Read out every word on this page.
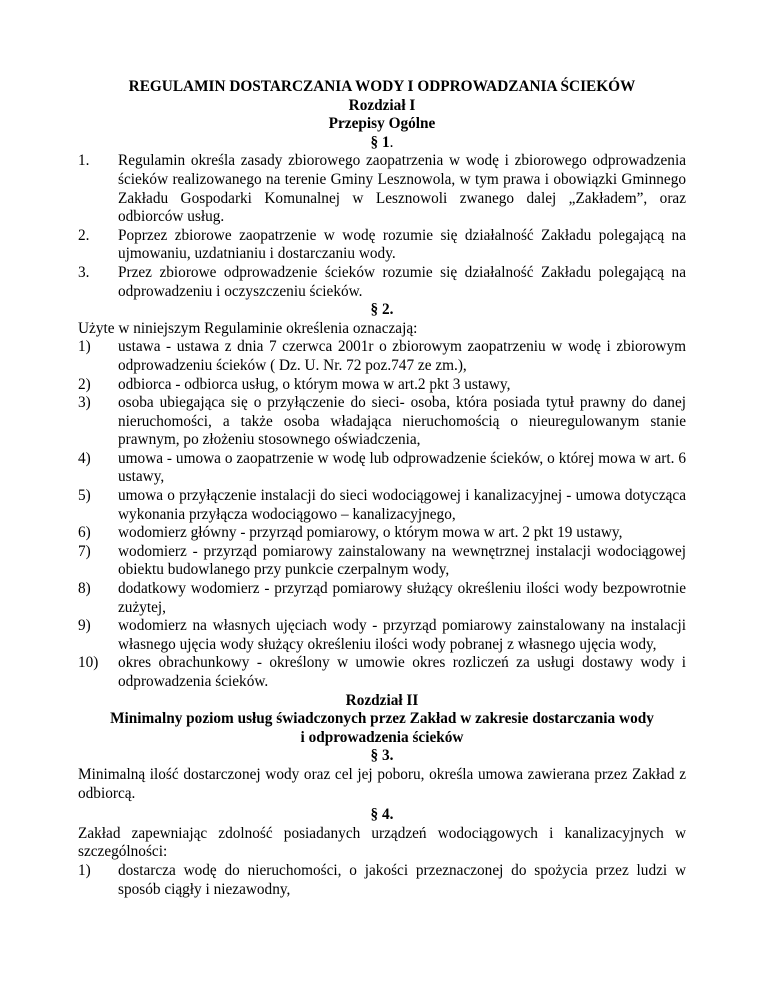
REGULAMIN DOSTARCZANIA WODY I ODPROWADZANIA ŚCIEKÓW

Rozdział I

Przepisy Ogólne

§ 1.

1.	Regulamin określa zasady zbiorowego zaopatrzenia w wodę i zbiorowego odprowadzenia ścieków realizowanego na terenie Gminy Lesznowola, w tym prawa i obowiązki Gminnego Zakładu Gospodarki Komunalnej w Lesznowoli zwanego dalej „Zakładem”, oraz odbiorców usług.
2.	Poprzez zbiorowe zaopatrzenie w wodę rozumie się działalność Zakładu polegającą na ujmowaniu, uzdatnianiu i dostarczaniu wody.
3.	Przez zbiorowe odprowadzenie ścieków rozumie się działalność Zakładu polegającą na odprowadzeniu i oczyszczeniu ścieków.

§ 2.

Użyte w niniejszym Regulaminie określenia oznaczają:

1)	ustawa - ustawa z dnia 7 czerwca 2001r o zbiorowym zaopatrzeniu w wodę i zbiorowym odprowadzeniu ścieków ( Dz. U. Nr. 72 poz.747 ze zm.),
2)	odbiorca - odbiorca usług, o którym mowa w art.2 pkt 3 ustawy,
3)	osoba ubiegająca się o przyłączenie do sieci- osoba, która posiada tytuł prawny do danej nieruchomości, a także osoba władająca nieruchomością o nieuregulowanym stanie prawnym, po złożeniu stosownego oświadczenia,
4)	umowa - umowa o zaopatrzenie w wodę lub odprowadzenie ścieków, o której mowa w art. 6 ustawy,
5)	umowa o przyłączenie instalacji do sieci wodociągowej i kanalizacyjnej - umowa dotycząca wykonania przyłącza wodociągowo – kanalizacyjnego,
6)	wodomierz główny - przyrząd pomiarowy, o którym mowa w art. 2 pkt 19 ustawy,
7)	wodomierz - przyrząd pomiarowy zainstalowany na wewnętrznej instalacji wodociągowej obiektu budowlanego przy punkcie czerpalnym wody,
8)	dodatkowy wodomierz - przyrząd pomiarowy służący określeniu ilości wody bezpowrotnie zużytej,
9)	wodomierz na własnych ujęciach wody - przyrząd pomiarowy zainstalowany na instalacji własnego ujęcia wody służący określeniu ilości wody pobranej z własnego ujęcia wody,
10)	okres obrachunkowy - określony w umowie okres rozliczeń za usługi dostawy wody i odprowadzenia ścieków.

Rozdział II

Minimalny poziom usług świadczonych przez Zakład w zakresie dostarczania wody

i odprowadzenia ścieków

§ 3.

Minimalną ilość dostarczonej wody oraz cel jej poboru, określa umowa zawierana przez Zakład z odbiorcą.

§ 4.

Zakład zapewniając zdolność posiadanych urządzeń wodociągowych i kanalizacyjnych w szczególności:

1)	dostarcza wodę do nieruchomości, o jakości przeznaczonej do spożycia przez ludzi w sposób ciągły i niezawodny,
